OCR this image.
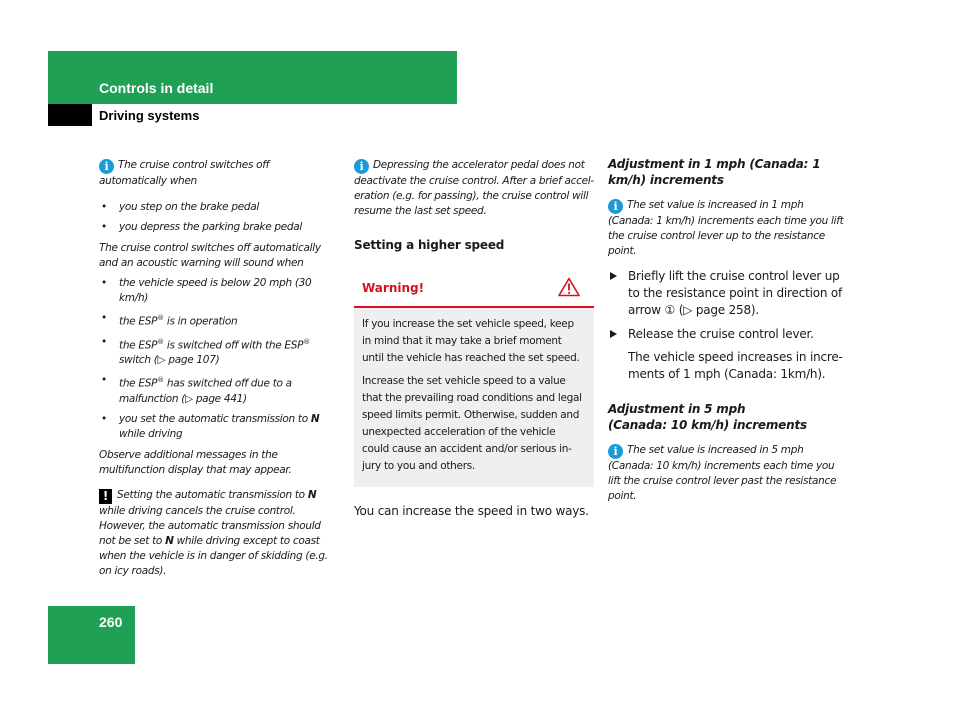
Controls in detail
Driving systems

i The cruise control switches off automatically when

• you step on the brake pedal

• you depress the parking brake pedal

The cruise control switches off automatically and an acoustic warning will sound when

• the vehicle speed is below 20 mph (30 km/h)

• the ESP® is in operation

• the ESP® is switched off with the ESP® switch (▷ page 107)

• the ESP® has switched off due to a malfunction (▷ page 441)

• you set the automatic transmission to N while driving

Observe additional messages in the multifunction display that may appear.

! Setting the automatic transmission to N while driving cancels the cruise control. However, the automatic transmission should not be set to N while driving except to coast when the vehicle is in danger of skidding (e.g. on icy roads).

i Depressing the accelerator pedal does not deactivate the cruise control. After a brief accel-eration (e.g. for passing), the cruise control will resume the last set speed.

Setting a higher speed

Warning!

If you increase the set vehicle speed, keep in mind that it may take a brief moment until the vehicle has reached the set speed.

Increase the set vehicle speed to a value that the prevailing road conditions and legal speed limits permit. Otherwise, sudden and unexpected acceleration of the vehicle could cause an accident and/or serious in-jury to you and others.

You can increase the speed in two ways.

Adjustment in 1 mph (Canada: 1 km/h) increments

i The set value is increased in 1 mph (Canada: 1 km/h) increments each time you lift the cruise control lever up to the resistance point.

Briefly lift the cruise control lever up to the resistance point in direction of arrow ① (▷ page 258).

Release the cruise control lever.

The vehicle speed increases in incre-ments of 1 mph (Canada: 1km/h).

Adjustment in 5 mph
(Canada: 10 km/h) increments

i The set value is increased in 5 mph (Canada: 10 km/h) increments each time you lift the cruise control lever past the resistance point.

260
